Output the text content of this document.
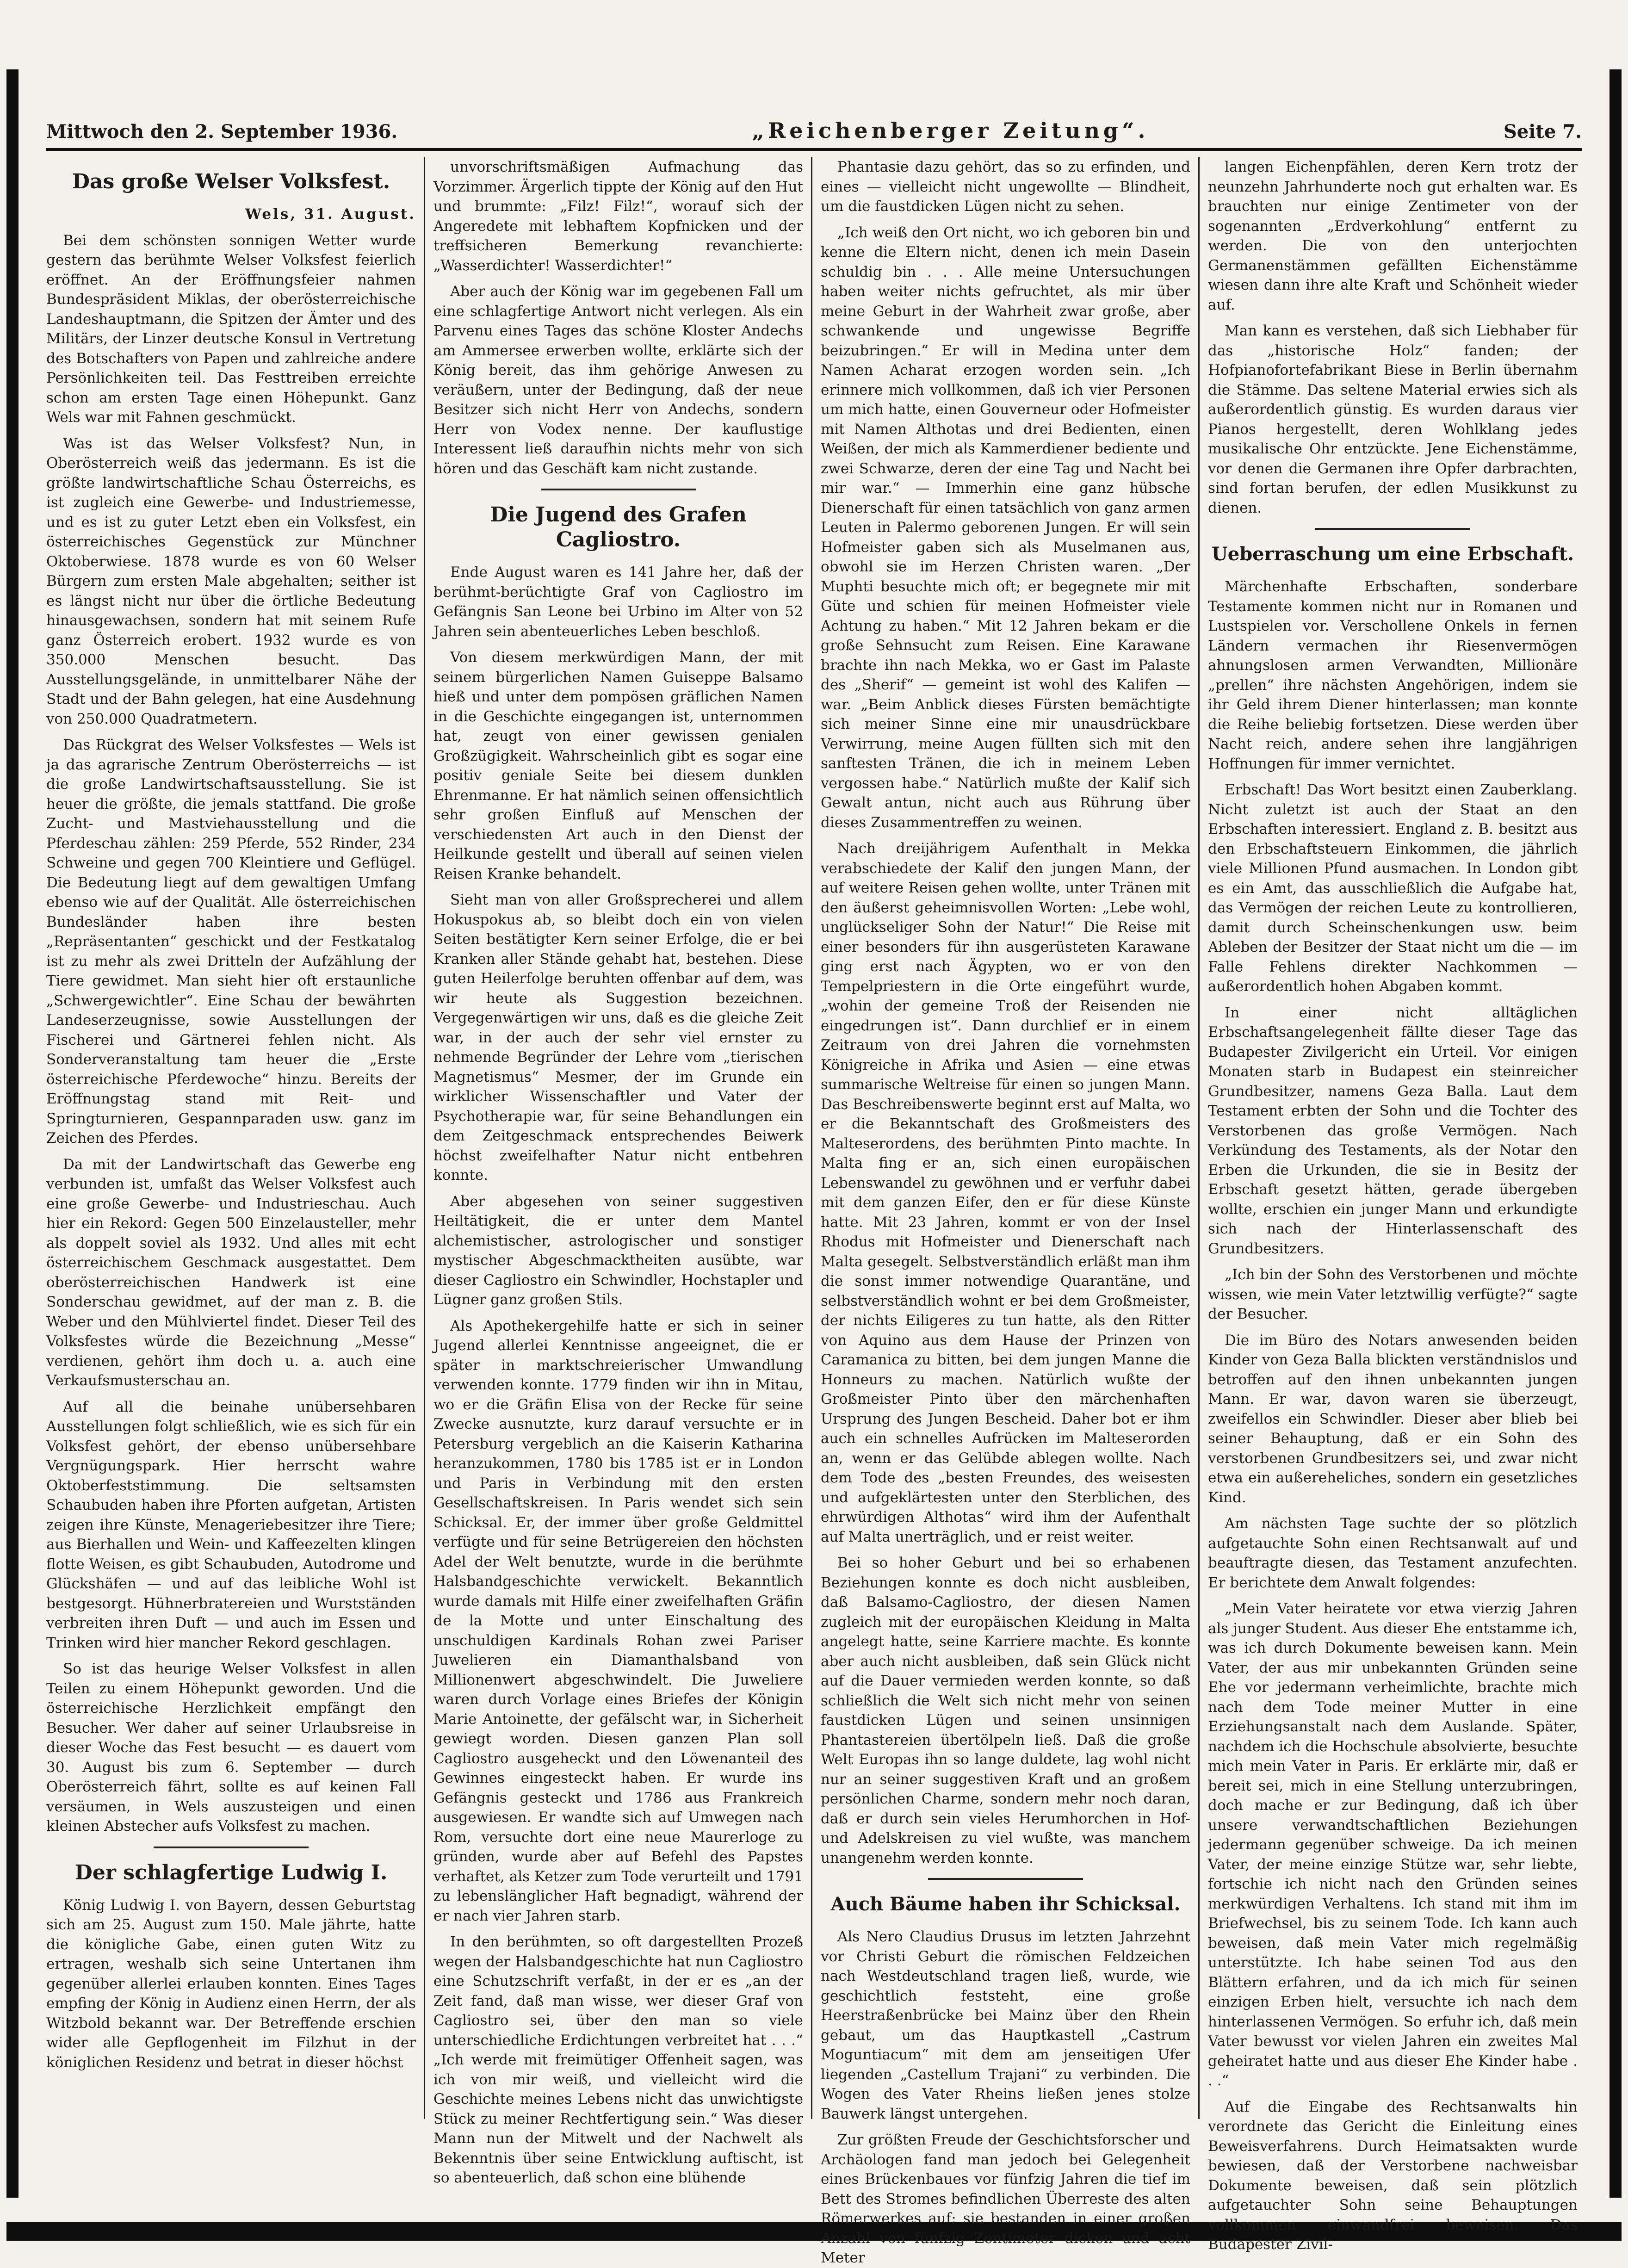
Mittwoch den 2. September 1936.	„Reichenberger Zeitung“.	Seite 7.
Das große Welser Volksfest.

Wels, 31. August.

Bei dem schönsten sonnigen Wetter wurde gestern das berühmte Welser Volksfest feierlich eröffnet. An der Eröffnungsfeier nahmen Bundespräsident Miklas, der oberösterreichische Landeshauptmann, die Spitzen der Ämter und des Militärs, der Linzer deutsche Konsul in Vertretung des Botschafters von Papen und zahlreiche andere Persönlichkeiten teil. Das Festtreiben erreichte schon am ersten Tage einen Höhepunkt. Ganz Wels war mit Fahnen geschmückt.

Was ist das Welser Volksfest? Nun, in Oberösterreich weiß das jedermann. Es ist die größte landwirtschaftliche Schau Österreichs, es ist zugleich eine Gewerbe- und Industriemesse, und es ist zu guter Letzt eben ein Volksfest, ein österreichisches Gegenstück zur Münchner Oktoberwiese. 1878 wurde es von 60 Welser Bürgern zum ersten Male abgehalten; seither ist es längst nicht nur über die örtliche Bedeutung hinausgewachsen, sondern hat mit seinem Rufe ganz Österreich erobert. 1932 wurde es von 350.000 Menschen besucht. Das Ausstellungsgelände, in unmittelbarer Nähe der Stadt und der Bahn gelegen, hat eine Ausdehnung von 250.000 Quadratmetern.

Das Rückgrat des Welser Volksfestes — Wels ist ja das agrarische Zentrum Oberösterreichs — ist die große Landwirtschaftsausstellung. Sie ist heuer die größte, die jemals stattfand. Die große Zucht- und Mastviehausstellung und die Pferdeschau zählen: 259 Pferde, 552 Rinder, 234 Schweine und gegen 700 Kleintiere und Geflügel. Die Bedeutung liegt auf dem gewaltigen Umfang ebenso wie auf der Qualität. Alle österreichischen Bundesländer haben ihre besten „Repräsentanten“ geschickt und der Festkatalog ist zu mehr als zwei Dritteln der Aufzählung der Tiere gewidmet. Man sieht hier oft erstaunliche „Schwergewichtler“. Eine Schau der bewährten Landeserzeugnisse, sowie Ausstellungen der Fischerei und Gärtnerei fehlen nicht. Als Sonderveranstaltung tam heuer die „Erste österreichische Pferdewoche“ hinzu. Bereits der Eröffnungstag stand mit Reit- und Springturnieren, Gespannparaden usw. ganz im Zeichen des Pferdes.

Da mit der Landwirtschaft das Gewerbe eng verbunden ist, umfaßt das Welser Volksfest auch eine große Gewerbe- und Industrieschau. Auch hier ein Rekord: Gegen 500 Einzelausteller, mehr als doppelt soviel als 1932. Und alles mit echt österreichischem Geschmack ausgestattet. Dem oberösterreichischen Handwerk ist eine Sonderschau gewidmet, auf der man z. B. die Weber und den Mühlviertel findet. Dieser Teil des Volksfestes würde die Bezeichnung „Messe“ verdienen, gehört ihm doch u. a. auch eine Verkaufsmusterschau an.

Auf all die beinahe unübersehbaren Ausstellungen folgt schließlich, wie es sich für ein Volksfest gehört, der ebenso unübersehbare Vergnügungspark. Hier herrscht wahre Oktoberfeststimmung. Die seltsamsten Schaubuden haben ihre Pforten aufgetan, Artisten zeigen ihre Künste, Menageriebesitzer ihre Tiere; aus Bierhallen und Wein- und Kaffeezelten klingen flotte Weisen, es gibt Schaubuden, Autodrome und Glückshäfen — und auf das leibliche Wohl ist bestgesorgt. Hühnerbratereien und Wurstständen verbreiten ihren Duft — und auch im Essen und Trinken wird hier mancher Rekord geschlagen.

So ist das heurige Welser Volksfest in allen Teilen zu einem Höhepunkt geworden. Und die österreichische Herzlichkeit empfängt den Besucher. Wer daher auf seiner Urlaubsreise in dieser Woche das Fest besucht — es dauert vom 30. August bis zum 6. September — durch Oberösterreich fährt, sollte es auf keinen Fall versäumen, in Wels auszusteigen und einen kleinen Abstecher aufs Volksfest zu machen.

Der schlagfertige Ludwig I.

König Ludwig I. von Bayern, dessen Geburtstag sich am 25. August zum 150. Male jährte, hatte die königliche Gabe, einen guten Witz zu ertragen, weshalb sich seine Untertanen ihm gegenüber allerlei erlauben konnten. Eines Tages empfing der König in Audienz einen Herrn, der als Witzbold bekannt war. Der Betreffende erschien wider alle Gepflogenheit im Filzhut in der königlichen Residenz und betrat in dieser höchst

unvorschriftsmäßigen Aufmachung das Vorzimmer. Ärgerlich tippte der König auf den Hut und brummte: „Filz! Filz!“, worauf sich der Angeredete mit lebhaftem Kopfnicken und der treffsicheren Bemerkung revanchierte: „Wasserdichter! Wasserdichter!“

Aber auch der König war im gegebenen Fall um eine schlagfertige Antwort nicht verlegen. Als ein Parvenu eines Tages das schöne Kloster Andechs am Ammersee erwerben wollte, erklärte sich der König bereit, das ihm gehörige Anwesen zu veräußern, unter der Bedingung, daß der neue Besitzer sich nicht Herr von Andechs, sondern Herr von Vodex nenne. Der kauflustige Interessent ließ daraufhin nichts mehr von sich hören und das Geschäft kam nicht zustande.

Die Jugend des Grafen Cagliostro.

Ende August waren es 141 Jahre her, daß der berühmt-berüchtigte Graf von Cagliostro im Gefängnis San Leone bei Urbino im Alter von 52 Jahren sein abenteuerliches Leben beschloß.

Von diesem merkwürdigen Mann, der mit seinem bürgerlichen Namen Guiseppe Balsamo hieß und unter dem pompösen gräflichen Namen in die Geschichte eingegangen ist, unternommen hat, zeugt von einer gewissen genialen Großzügigkeit. Wahrscheinlich gibt es sogar eine positiv geniale Seite bei diesem dunklen Ehrenmanne. Er hat nämlich seinen offensichtlich sehr großen Einfluß auf Menschen der verschiedensten Art auch in den Dienst der Heilkunde gestellt und überall auf seinen vielen Reisen Kranke behandelt.

Sieht man von aller Großsprecherei und allem Hokuspokus ab, so bleibt doch ein von vielen Seiten bestätigter Kern seiner Erfolge, die er bei Kranken aller Stände gehabt hat, bestehen. Diese guten Heilerfolge beruhten offenbar auf dem, was wir heute als Suggestion bezeichnen. Vergegenwärtigen wir uns, daß es die gleiche Zeit war, in der auch der sehr viel ernster zu nehmende Begründer der Lehre vom „tierischen Magnetismus“ Mesmer, der im Grunde ein wirklicher Wissenschaftler und Vater der Psychotherapie war, für seine Behandlungen ein dem Zeitgeschmack entsprechendes Beiwerk höchst zweifelhafter Natur nicht entbehren konnte.

Aber abgesehen von seiner suggestiven Heiltätigkeit, die er unter dem Mantel alchemistischer, astrologischer und sonstiger mystischer Abgeschmacktheiten ausübte, war dieser Cagliostro ein Schwindler, Hochstapler und Lügner ganz großen Stils.

Als Apothekergehilfe hatte er sich in seiner Jugend allerlei Kenntnisse angeeignet, die er später in marktschreierischer Umwandlung verwenden konnte. 1779 finden wir ihn in Mitau, wo er die Gräfin Elisa von der Recke für seine Zwecke ausnutzte, kurz darauf versuchte er in Petersburg vergeblich an die Kaiserin Katharina heranzukommen, 1780 bis 1785 ist er in London und Paris in Verbindung mit den ersten Gesellschaftskreisen. In Paris wendet sich sein Schicksal. Er, der immer über große Geldmittel verfügte und für seine Betrügereien den höchsten Adel der Welt benutzte, wurde in die berühmte Halsbandgeschichte verwickelt. Bekanntlich wurde damals mit Hilfe einer zweifelhaften Gräfin de la Motte und unter Einschaltung des unschuldigen Kardinals Rohan zwei Pariser Juwelieren ein Diamanthalsband von Millionenwert abgeschwindelt. Die Juweliere waren durch Vorlage eines Briefes der Königin Marie Antoinette, der gefälscht war, in Sicherheit gewiegt worden. Diesen ganzen Plan soll Cagliostro ausgeheckt und den Löwenanteil des Gewinnes eingesteckt haben. Er wurde ins Gefängnis gesteckt und 1786 aus Frankreich ausgewiesen. Er wandte sich auf Umwegen nach Rom, versuchte dort eine neue Maurerloge zu gründen, wurde aber auf Befehl des Papstes verhaftet, als Ketzer zum Tode verurteilt und 1791 zu lebenslänglicher Haft begnadigt, während der er nach vier Jahren starb.

In den berühmten, so oft dargestellten Prozeß wegen der Halsbandgeschichte hat nun Cagliostro eine Schutzschrift verfaßt, in der er es „an der Zeit fand, daß man wisse, wer dieser Graf von Cagliostro sei, über den man so viele unterschiedliche Erdichtungen verbreitet hat . . .“ „Ich werde mit freimütiger Offenheit sagen, was ich von mir weiß, und vielleicht wird die Geschichte meines Lebens nicht das unwichtigste Stück zu meiner Rechtfertigung sein.“ Was dieser Mann nun der Mitwelt und der Nachwelt als Bekenntnis über seine Entwicklung auftischt, ist so abenteuerlich, daß schon eine blühende

Phantasie dazu gehört, das so zu erfinden, und eines — vielleicht nicht ungewollte — Blindheit, um die faustdicken Lügen nicht zu sehen.

„Ich weiß den Ort nicht, wo ich geboren bin und kenne die Eltern nicht, denen ich mein Dasein schuldig bin . . . Alle meine Untersuchungen haben weiter nichts gefruchtet, als mir über meine Geburt in der Wahrheit zwar große, aber schwankende und ungewisse Begriffe beizubringen.“ Er will in Medina unter dem Namen Acharat erzogen worden sein. „Ich erinnere mich vollkommen, daß ich vier Personen um mich hatte, einen Gouverneur oder Hofmeister mit Namen Althotas und drei Bedienten, einen Weißen, der mich als Kammerdiener bediente und zwei Schwarze, deren der eine Tag und Nacht bei mir war.“ — Immerhin eine ganz hübsche Dienerschaft für einen tatsächlich von ganz armen Leuten in Palermo geborenen Jungen. Er will sein Hofmeister gaben sich als Muselmanen aus, obwohl sie im Herzen Christen waren. „Der Muphti besuchte mich oft; er begegnete mir mit Güte und schien für meinen Hofmeister viele Achtung zu haben.“ Mit 12 Jahren bekam er die große Sehnsucht zum Reisen. Eine Karawane brachte ihn nach Mekka, wo er Gast im Palaste des „Sherif“ — gemeint ist wohl des Kalifen — war. „Beim Anblick dieses Fürsten bemächtigte sich meiner Sinne eine mir unausdrückbare Verwirrung, meine Augen füllten sich mit den sanftesten Tränen, die ich in meinem Leben vergossen habe.“ Natürlich mußte der Kalif sich Gewalt antun, nicht auch aus Rührung über dieses Zusammentreffen zu weinen.

Nach dreijährigem Aufenthalt in Mekka verabschiedete der Kalif den jungen Mann, der auf weitere Reisen gehen wollte, unter Tränen mit den äußerst geheimnisvollen Worten: „Lebe wohl, unglückseliger Sohn der Natur!“ Die Reise mit einer besonders für ihn ausgerüsteten Karawane ging erst nach Ägypten, wo er von den Tempelpriestern in die Orte eingeführt wurde, „wohin der gemeine Troß der Reisenden nie eingedrungen ist“. Dann durchlief er in einem Zeitraum von drei Jahren die vornehmsten Königreiche in Afrika und Asien — eine etwas summarische Weltreise für einen so jungen Mann. Das Beschreibenswerte beginnt erst auf Malta, wo er die Bekanntschaft des Großmeisters des Malteserordens, des berühmten Pinto machte. In Malta fing er an, sich einen europäischen Lebenswandel zu gewöhnen und er verfuhr dabei mit dem ganzen Eifer, den er für diese Künste hatte. Mit 23 Jahren, kommt er von der Insel Rhodus mit Hofmeister und Dienerschaft nach Malta gesegelt. Selbstverständlich erläßt man ihm die sonst immer notwendige Quarantäne, und selbstverständlich wohnt er bei dem Großmeister, der nichts Eiligeres zu tun hatte, als den Ritter von Aquino aus dem Hause der Prinzen von Caramanica zu bitten, bei dem jungen Manne die Honneurs zu machen. Natürlich wußte der Großmeister Pinto über den märchenhaften Ursprung des Jungen Bescheid. Daher bot er ihm auch ein schnelles Aufrücken im Malteserorden an, wenn er das Gelübde ablegen wollte. Nach dem Tode des „besten Freundes, des weisesten und aufgeklärtesten unter den Sterblichen, des ehrwürdigen Althotas“ wird ihm der Aufenthalt auf Malta unerträglich, und er reist weiter.

Bei so hoher Geburt und bei so erhabenen Beziehungen konnte es doch nicht ausbleiben, daß Balsamo-Cagliostro, der diesen Namen zugleich mit der europäischen Kleidung in Malta angelegt hatte, seine Karriere machte. Es konnte aber auch nicht ausbleiben, daß sein Glück nicht auf die Dauer vermieden werden konnte, so daß schließlich die Welt sich nicht mehr von seinen faustdicken Lügen und seinen unsinnigen Phantastereien übertölpeln ließ. Daß die große Welt Europas ihn so lange duldete, lag wohl nicht nur an seiner suggestiven Kraft und an großem persönlichen Charme, sondern mehr noch daran, daß er durch sein vieles Herumhorchen in Hof- und Adelskreisen zu viel wußte, was manchem unangenehm werden konnte.

Auch Bäume haben ihr Schicksal.

Als Nero Claudius Drusus im letzten Jahrzehnt vor Christi Geburt die römischen Feldzeichen nach Westdeutschland tragen ließ, wurde, wie geschichtlich feststeht, eine große Heerstraßenbrücke bei Mainz über den Rhein gebaut, um das Hauptkastell „Castrum Moguntiacum“ mit dem am jenseitigen Ufer liegenden „Castellum Trajani“ zu verbinden. Die Wogen des Vater Rheins ließen jenes stolze Bauwerk längst untergehen.

Zur größten Freude der Geschichtsforscher und Archäologen fand man jedoch bei Gelegenheit eines Brückenbaues vor fünfzig Jahren die tief im Bett des Stromes befindlichen Überreste des alten Römerwerkes auf; sie bestanden in einer großen Anzahl von fünfzig Zentimeter dicken und acht Meter

langen Eichenpfählen, deren Kern trotz der neunzehn Jahrhunderte noch gut erhalten war. Es brauchten nur einige Zentimeter von der sogenannten „Erdverkohlung“ entfernt zu werden. Die von den unterjochten Germanenstämmen gefällten Eichenstämme wiesen dann ihre alte Kraft und Schönheit wieder auf.

Man kann es verstehen, daß sich Liebhaber für das „historische Holz“ fanden; der Hofpianofortefabrikant Biese in Berlin übernahm die Stämme. Das seltene Material erwies sich als außerordentlich günstig. Es wurden daraus vier Pianos hergestellt, deren Wohlklang jedes musikalische Ohr entzückte. Jene Eichenstämme, vor denen die Germanen ihre Opfer darbrachten, sind fortan berufen, der edlen Musikkunst zu dienen.

Ueberraschung um eine Erbschaft.

Märchenhafte Erbschaften, sonderbare Testamente kommen nicht nur in Romanen und Lustspielen vor. Verschollene Onkels in fernen Ländern vermachen ihr Riesenvermögen ahnungslosen armen Verwandten, Millionäre „prellen“ ihre nächsten Angehörigen, indem sie ihr Geld ihrem Diener hinterlassen; man konnte die Reihe beliebig fortsetzen. Diese werden über Nacht reich, andere sehen ihre langjährigen Hoffnungen für immer vernichtet.

Erbschaft! Das Wort besitzt einen Zauberklang. Nicht zuletzt ist auch der Staat an den Erbschaften interessiert. England z. B. besitzt aus den Erbschaftsteuern Einkommen, die jährlich viele Millionen Pfund ausmachen. In London gibt es ein Amt, das ausschließlich die Aufgabe hat, das Vermögen der reichen Leute zu kontrollieren, damit durch Scheinschenkungen usw. beim Ableben der Besitzer der Staat nicht um die — im Falle Fehlens direkter Nachkommen — außerordentlich hohen Abgaben kommt.

In einer nicht alltäglichen Erbschaftsangelegenheit fällte dieser Tage das Budapester Zivilgericht ein Urteil. Vor einigen Monaten starb in Budapest ein steinreicher Grundbesitzer, namens Geza Balla. Laut dem Testament erbten der Sohn und die Tochter des Verstorbenen das große Vermögen. Nach Verkündung des Testaments, als der Notar den Erben die Urkunden, die sie in Besitz der Erbschaft gesetzt hätten, gerade übergeben wollte, erschien ein junger Mann und erkundigte sich nach der Hinterlassenschaft des Grundbesitzers.

„Ich bin der Sohn des Verstorbenen und möchte wissen, wie mein Vater letztwillig verfügte?“ sagte der Besucher.

Die im Büro des Notars anwesenden beiden Kinder von Geza Balla blickten verständnislos und betroffen auf den ihnen unbekannten jungen Mann. Er war, davon waren sie überzeugt, zweifellos ein Schwindler. Dieser aber blieb bei seiner Behauptung, daß er ein Sohn des verstorbenen Grundbesitzers sei, und zwar nicht etwa ein außereheliches, sondern ein gesetzliches Kind.

Am nächsten Tage suchte der so plötzlich aufgetauchte Sohn einen Rechtsanwalt auf und beauftragte diesen, das Testament anzufechten. Er berichtete dem Anwalt folgendes:

„Mein Vater heiratete vor etwa vierzig Jahren als junger Student. Aus dieser Ehe entstamme ich, was ich durch Dokumente beweisen kann. Mein Vater, der aus mir unbekannten Gründen seine Ehe vor jedermann verheimlichte, brachte mich nach dem Tode meiner Mutter in eine Erziehungsanstalt nach dem Auslande. Später, nachdem ich die Hochschule absolvierte, besuchte mich mein Vater in Paris. Er erklärte mir, daß er bereit sei, mich in eine Stellung unterzubringen, doch mache er zur Bedingung, daß ich über unsere verwandtschaftlichen Beziehungen jedermann gegenüber schweige. Da ich meinen Vater, der meine einzige Stütze war, sehr liebte, fortschie ich nicht nach den Gründen seines merkwürdigen Verhaltens. Ich stand mit ihm im Briefwechsel, bis zu seinem Tode. Ich kann auch beweisen, daß mein Vater mich regelmäßig unterstützte. Ich habe seinen Tod aus den Blättern erfahren, und da ich mich für seinen einzigen Erben hielt, versuchte ich nach dem hinterlassenen Vermögen. So erfuhr ich, daß mein Vater bewusst vor vielen Jahren ein zweites Mal geheiratet hatte und aus dieser Ehe Kinder habe . . .“

Auf die Eingabe des Rechtsanwalts hin verordnete das Gericht die Einleitung eines Beweisverfahrens. Durch Heimatsakten wurde bewiesen, daß der Verstorbene nachweisbar Dokumente beweisen, daß sein plötzlich aufgetauchter Sohn seine Behauptungen vollkommen einwandfrei beweisen. Das Budapester Zivil-
